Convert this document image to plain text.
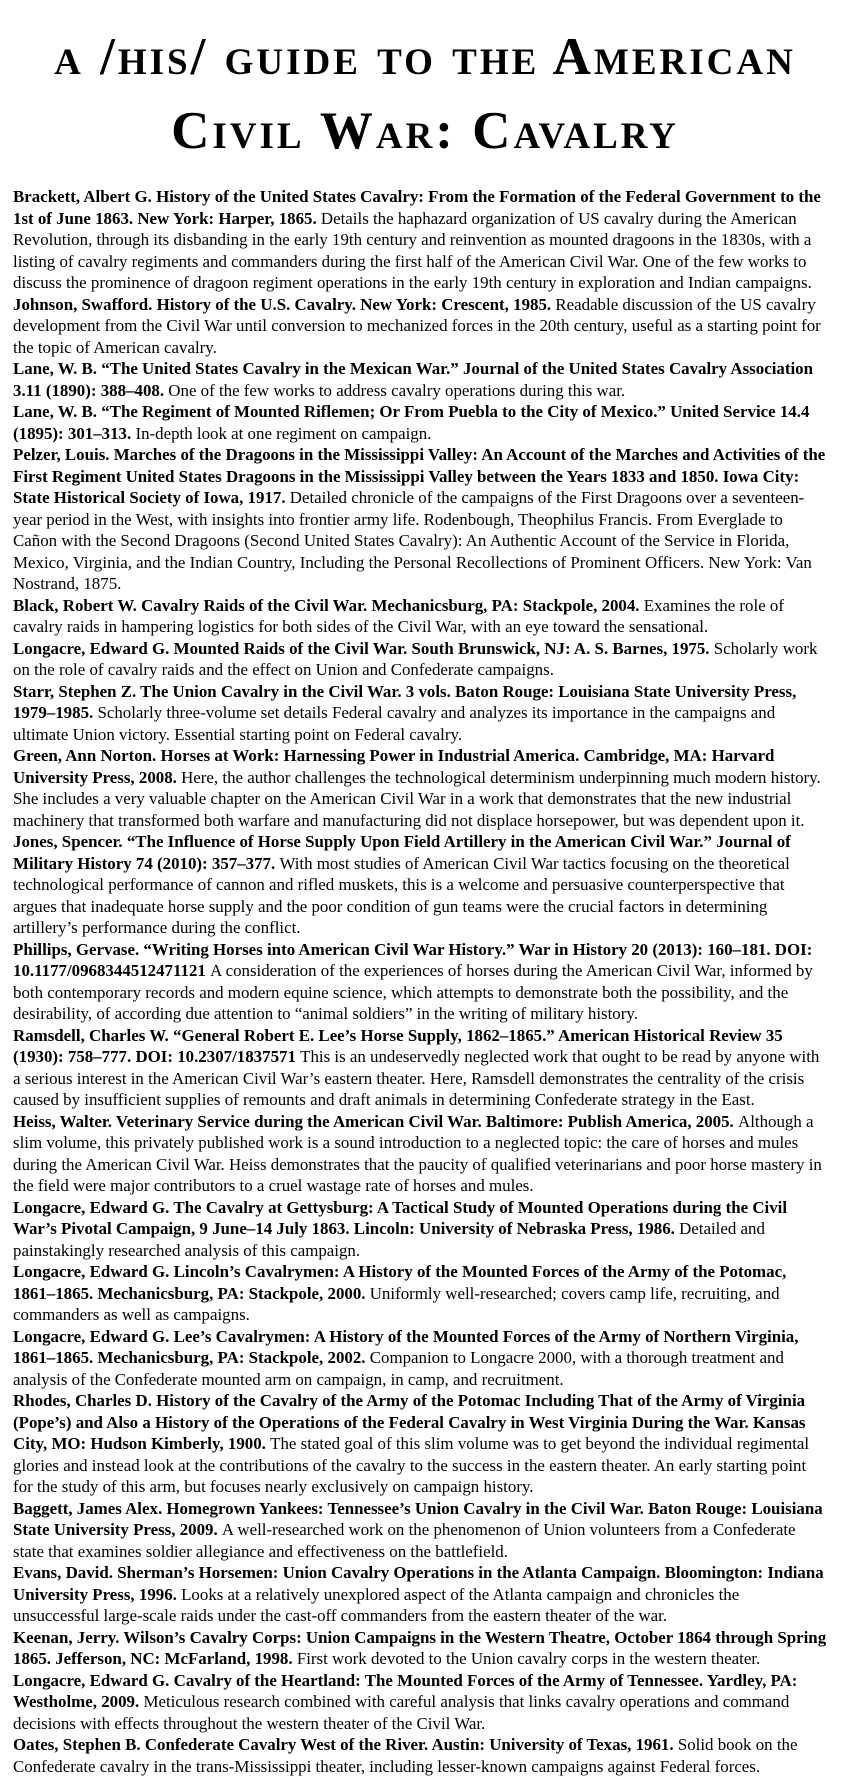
a /his/ guide to the American
Civil War: Cavalry

Brackett, Albert G. History of the United States Cavalry: From the Formation of the Federal Government to the 1st of June 1863. New York: Harper, 1865. Details the haphazard organization of US cavalry during the American Revolution, through its disbanding in the early 19th century and reinvention as mounted dragoons in the 1830s, with a listing of cavalry regiments and commanders during the first half of the American Civil War. One of the few works to discuss the prominence of dragoon regiment operations in the early 19th century in exploration and Indian campaigns.

Johnson, Swafford. History of the U.S. Cavalry. New York: Crescent, 1985. Readable discussion of the US cavalry development from the Civil War until conversion to mechanized forces in the 20th century, useful as a starting point for the topic of American cavalry.

Lane, W. B. “The United States Cavalry in the Mexican War.” Journal of the United States Cavalry Association 3.11 (1890): 388–408. One of the few works to address cavalry operations during this war.

Lane, W. B. “The Regiment of Mounted Riflemen; Or From Puebla to the City of Mexico.” United Service 14.4 (1895): 301–313. In-depth look at one regiment on campaign.

Pelzer, Louis. Marches of the Dragoons in the Mississippi Valley: An Account of the Marches and Activities of the First Regiment United States Dragoons in the Mississippi Valley between the Years 1833 and 1850. Iowa City: State Historical Society of Iowa, 1917. Detailed chronicle of the campaigns of the First Dragoons over a seventeen-year period in the West, with insights into frontier army life. Rodenbough, Theophilus Francis. From Everglade to Cañon with the Second Dragoons (Second United States Cavalry): An Authentic Account of the Service in Florida, Mexico, Virginia, and the Indian Country, Including the Personal Recollections of Prominent Officers. New York: Van Nostrand, 1875.

Black, Robert W. Cavalry Raids of the Civil War. Mechanicsburg, PA: Stackpole, 2004. Examines the role of cavalry raids in hampering logistics for both sides of the Civil War, with an eye toward the sensational.

Longacre, Edward G. Mounted Raids of the Civil War. South Brunswick, NJ: A. S. Barnes, 1975. Scholarly work on the role of cavalry raids and the effect on Union and Confederate campaigns.

Starr, Stephen Z. The Union Cavalry in the Civil War. 3 vols. Baton Rouge: Louisiana State University Press, 1979–1985. Scholarly three-volume set details Federal cavalry and analyzes its importance in the campaigns and ultimate Union victory. Essential starting point on Federal cavalry.

Green, Ann Norton. Horses at Work: Harnessing Power in Industrial America. Cambridge, MA: Harvard University Press, 2008. Here, the author challenges the technological determinism underpinning much modern history. She includes a very valuable chapter on the American Civil War in a work that demonstrates that the new industrial machinery that transformed both warfare and manufacturing did not displace horsepower, but was dependent upon it.

Jones, Spencer. “The Influence of Horse Supply Upon Field Artillery in the American Civil War.” Journal of Military History 74 (2010): 357–377. With most studies of American Civil War tactics focusing on the theoretical technological performance of cannon and rifled muskets, this is a welcome and persuasive counterperspective that argues that inadequate horse supply and the poor condition of gun teams were the crucial factors in determining artillery’s performance during the conflict.

Phillips, Gervase. “Writing Horses into American Civil War History.” War in History 20 (2013): 160–181. DOI: 10.1177/0968344512471121 A consideration of the experiences of horses during the American Civil War, informed by both contemporary records and modern equine science, which attempts to demonstrate both the possibility, and the desirability, of according due attention to “animal soldiers” in the writing of military history.

Ramsdell, Charles W. “General Robert E. Lee’s Horse Supply, 1862–1865.” American Historical Review 35 (1930): 758–777. DOI: 10.2307/1837571 This is an undeservedly neglected work that ought to be read by anyone with a serious interest in the American Civil War’s eastern theater. Here, Ramsdell demonstrates the centrality of the crisis caused by insufficient supplies of remounts and draft animals in determining Confederate strategy in the East.

Heiss, Walter. Veterinary Service during the American Civil War. Baltimore: Publish America, 2005. Although a slim volume, this privately published work is a sound introduction to a neglected topic: the care of horses and mules during the American Civil War. Heiss demonstrates that the paucity of qualified veterinarians and poor horse mastery in the field were major contributors to a cruel wastage rate of horses and mules.

Longacre, Edward G. The Cavalry at Gettysburg: A Tactical Study of Mounted Operations during the Civil War’s Pivotal Campaign, 9 June–14 July 1863. Lincoln: University of Nebraska Press, 1986. Detailed and painstakingly researched analysis of this campaign.

Longacre, Edward G. Lincoln’s Cavalrymen: A History of the Mounted Forces of the Army of the Potomac, 1861–1865. Mechanicsburg, PA: Stackpole, 2000. Uniformly well-researched; covers camp life, recruiting, and commanders as well as campaigns.

Longacre, Edward G. Lee’s Cavalrymen: A History of the Mounted Forces of the Army of Northern Virginia, 1861–1865. Mechanicsburg, PA: Stackpole, 2002. Companion to Longacre 2000, with a thorough treatment and analysis of the Confederate mounted arm on campaign, in camp, and recruitment.

Rhodes, Charles D. History of the Cavalry of the Army of the Potomac Including That of the Army of Virginia (Pope’s) and Also a History of the Operations of the Federal Cavalry in West Virginia During the War. Kansas City, MO: Hudson Kimberly, 1900. The stated goal of this slim volume was to get beyond the individual regimental glories and instead look at the contributions of the cavalry to the success in the eastern theater. An early starting point for the study of this arm, but focuses nearly exclusively on campaign history.

Baggett, James Alex. Homegrown Yankees: Tennessee’s Union Cavalry in the Civil War. Baton Rouge: Louisiana State University Press, 2009. A well-researched work on the phenomenon of Union volunteers from a Confederate state that examines soldier allegiance and effectiveness on the battlefield.

Evans, David. Sherman’s Horsemen: Union Cavalry Operations in the Atlanta Campaign. Bloomington: Indiana University Press, 1996. Looks at a relatively unexplored aspect of the Atlanta campaign and chronicles the unsuccessful large-scale raids under the cast-off commanders from the eastern theater of the war.

Keenan, Jerry. Wilson’s Cavalry Corps: Union Campaigns in the Western Theatre, October 1864 through Spring 1865. Jefferson, NC: McFarland, 1998. First work devoted to the Union cavalry corps in the western theater.

Longacre, Edward G. Cavalry of the Heartland: The Mounted Forces of the Army of Tennessee. Yardley, PA: Westholme, 2009. Meticulous research combined with careful analysis that links cavalry operations and command decisions with effects throughout the western theater of the Civil War.

Oates, Stephen B. Confederate Cavalry West of the River. Austin: University of Texas, 1961. Solid book on the Confederate cavalry in the trans-Mississippi theater, including lesser-known campaigns against Federal forces.
